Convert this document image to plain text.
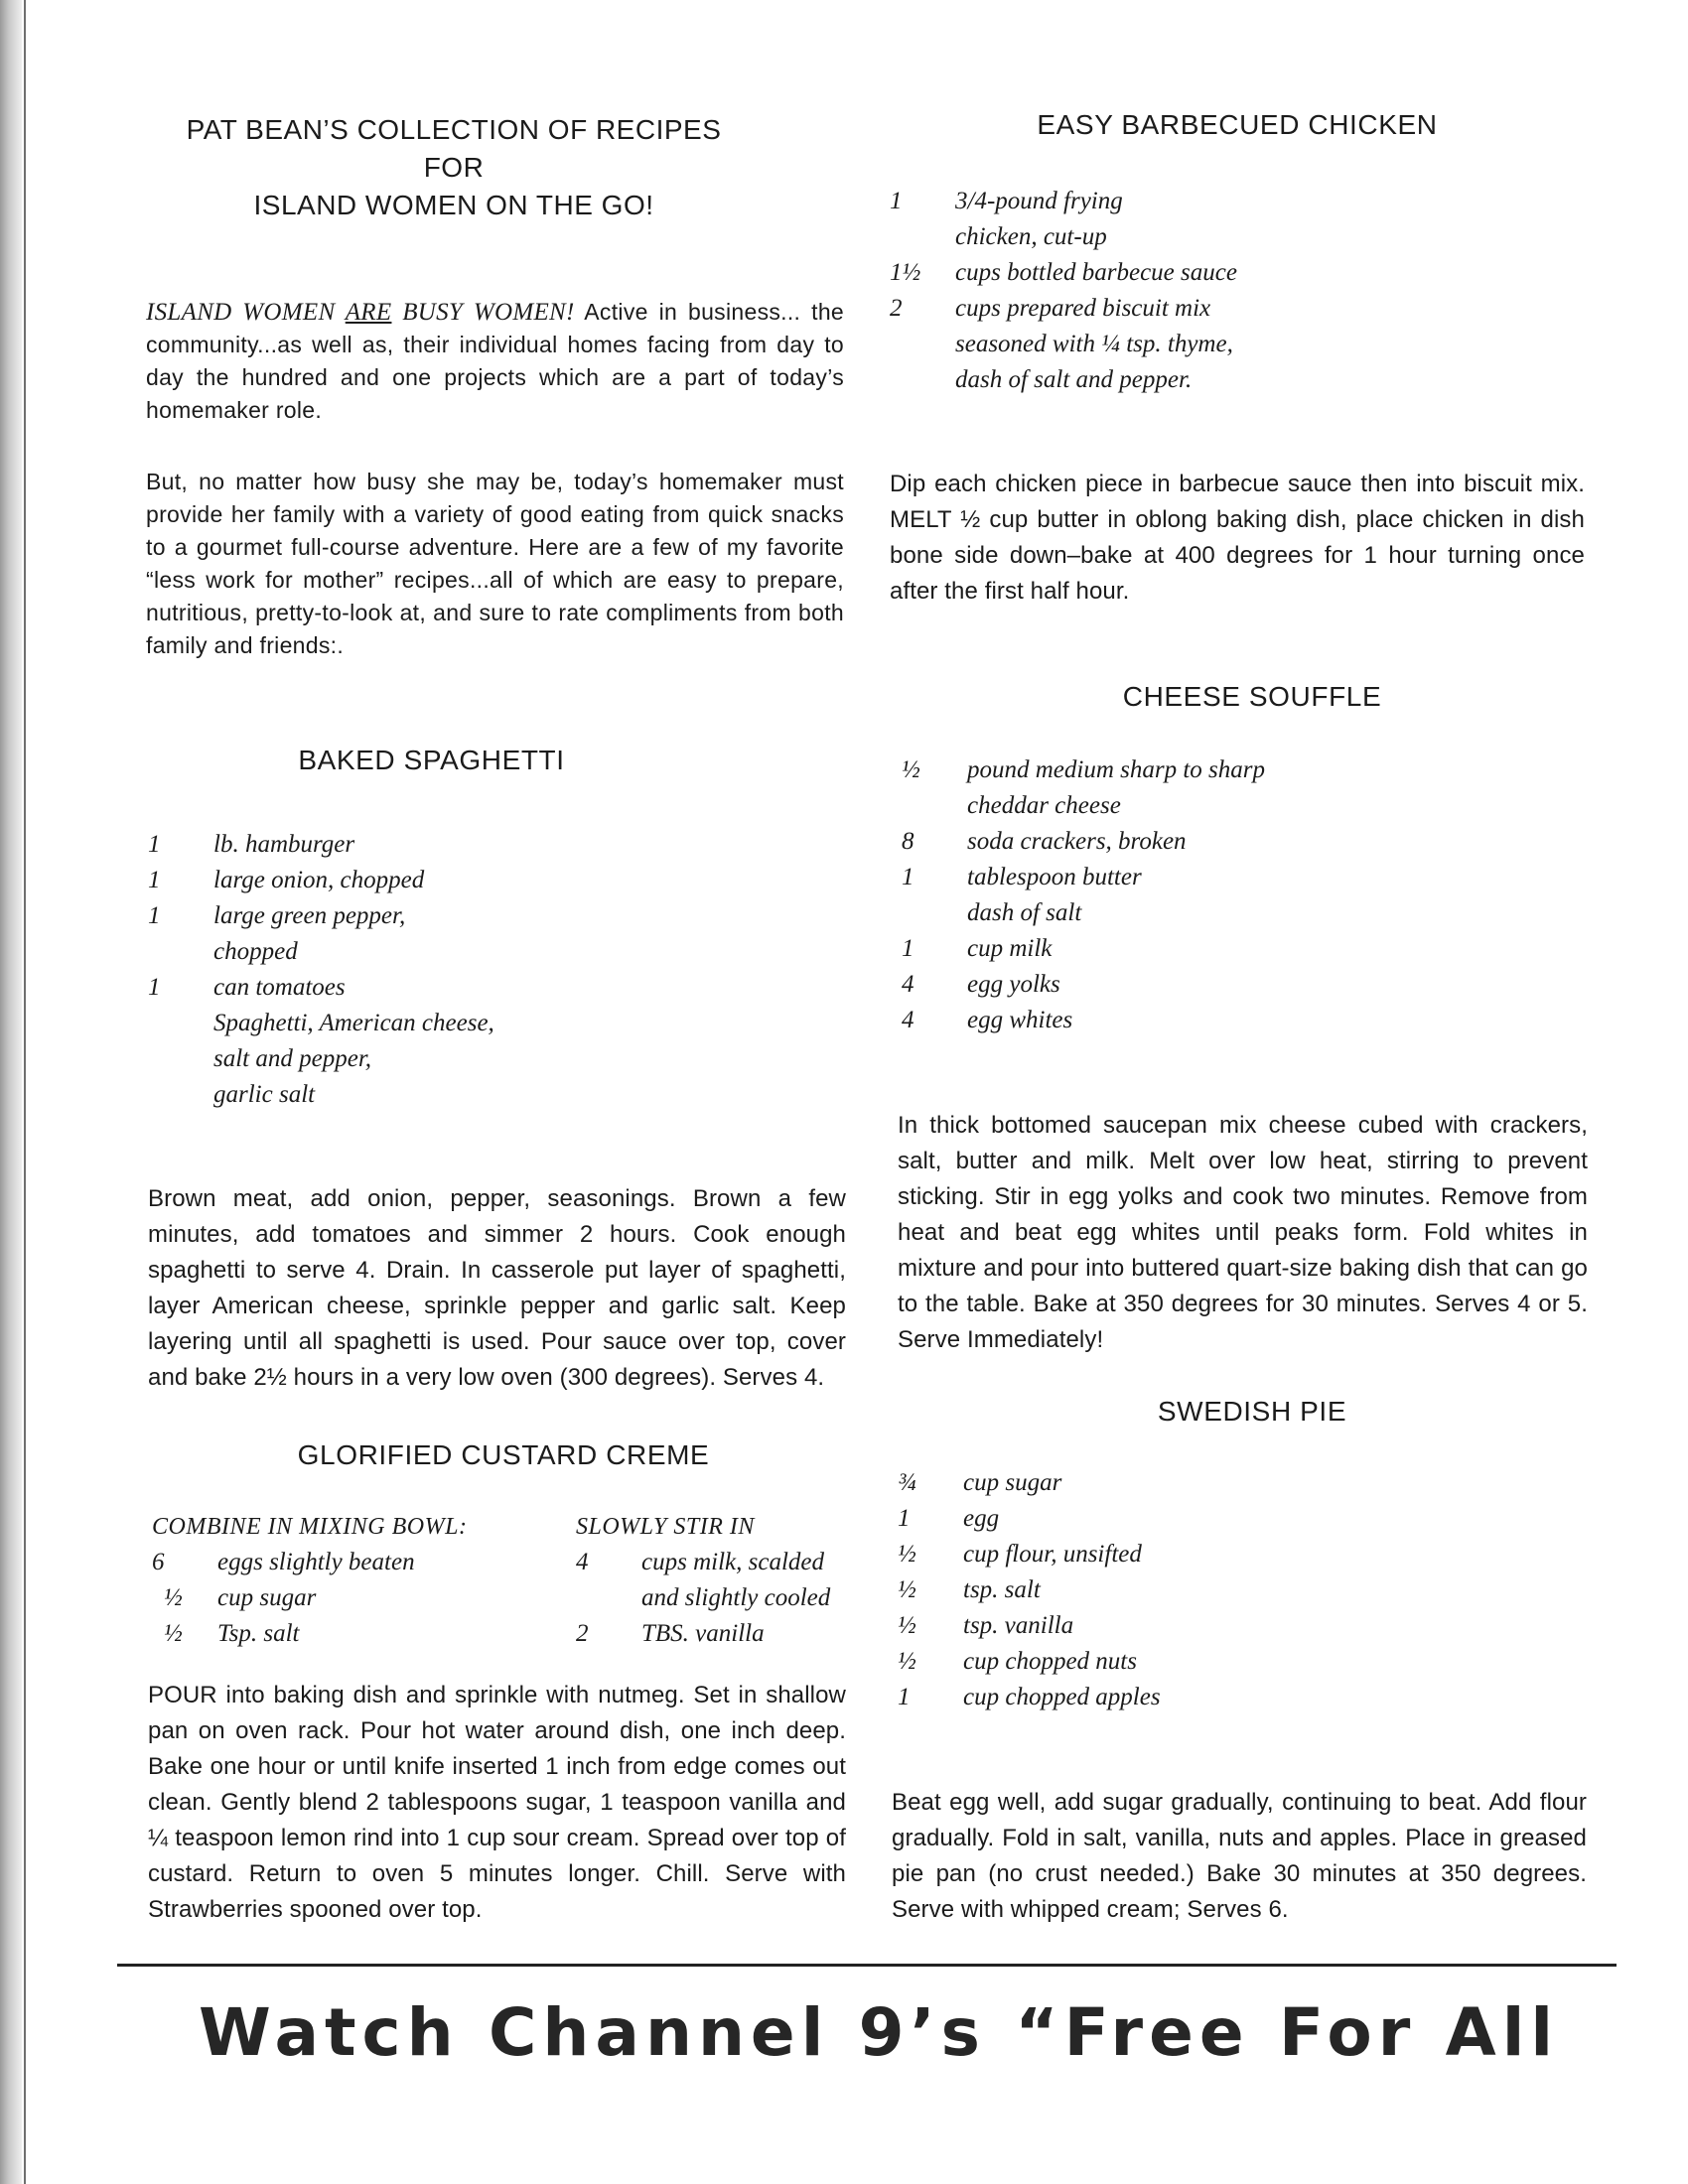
PAT BEAN’S COLLECTION OF RECIPES
FOR
ISLAND WOMEN ON THE GO!
ISLAND WOMEN ARE BUSY WOMEN! Active in business... the community...as well as, their individual homes facing from day to day the hundred and one projects which are a part of today’s homemaker role.
But, no matter how busy she may be, today’s homemaker must provide her family with a variety of good eating from quick snacks to a gourmet full-course adventure. Here are a few of my favorite “less work for mother” recipes...all of which are easy to prepare, nutritious, pretty-to-look at, and sure to rate compliments from both family and friends:.
BAKED SPAGHETTI
1	lb. hamburger
1	large onion, chopped
1	large green pepper,
chopped
1	can tomatoes
Spaghetti, American cheese,
salt and pepper,
garlic salt
Brown meat, add onion, pepper, seasonings. Brown a few minutes, add tomatoes and simmer 2 hours. Cook enough spaghetti to serve 4. Drain. In casserole put layer of spaghetti, layer American cheese, sprinkle pepper and garlic salt. Keep layering until all spaghetti is used. Pour sauce over top, cover and bake 2½ hours in a very low oven (300 degrees). Serves 4.
GLORIFIED CUSTARD CREME
COMBINE IN MIXING BOWL:
6	eggs slightly beaten
½	cup sugar
½	Tsp. salt
SLOWLY STIR IN
4	cups milk, scalded
and slightly cooled
2	TBS. vanilla
POUR into baking dish and sprinkle with nutmeg. Set in shallow pan on oven rack. Pour hot water around dish, one inch deep. Bake one hour or until knife inserted 1 inch from edge comes out clean. Gently blend 2 tablespoons sugar, 1 teaspoon vanilla and ¼ teaspoon lemon rind into 1 cup sour cream. Spread over top of custard. Return to oven 5 minutes longer. Chill. Serve with Strawberries spooned over top.
EASY BARBECUED CHICKEN
1	3/4-pound frying
chicken, cut-up
1½	cups bottled barbecue sauce
2	cups prepared biscuit mix
seasoned with ¼ tsp. thyme,
dash of salt and pepper.
Dip each chicken piece in barbecue sauce then into biscuit mix. MELT ½ cup butter in oblong baking dish, place chicken in dish bone side down–bake at 400 degrees for 1 hour turning once after the first half hour.
CHEESE SOUFFLE
½	pound medium sharp to sharp
cheddar cheese
8	soda crackers, broken
1	tablespoon butter
dash of salt
1	cup milk
4	egg yolks
4	egg whites
In thick bottomed saucepan mix cheese cubed with crackers, salt, butter and milk. Melt over low heat, stirring to prevent sticking. Stir in egg yolks and cook two minutes. Remove from heat and beat egg whites until peaks form. Fold whites in mixture and pour into buttered quart-size baking dish that can go to the table. Bake at 350 degrees for 30 minutes. Serves 4 or 5. Serve Immediately!
SWEDISH PIE
¾	cup sugar
1	egg
½	cup flour, unsifted
½	tsp. salt
½	tsp. vanilla
½	cup chopped nuts
1	cup chopped apples
Beat egg well, add sugar gradually, continuing to beat. Add flour gradually. Fold in salt, vanilla, nuts and apples. Place in greased pie pan (no crust needed.) Bake 30 minutes at 350 degrees. Serve with whipped cream; Serves 6.
Watch Channel 9’s “Free For All
